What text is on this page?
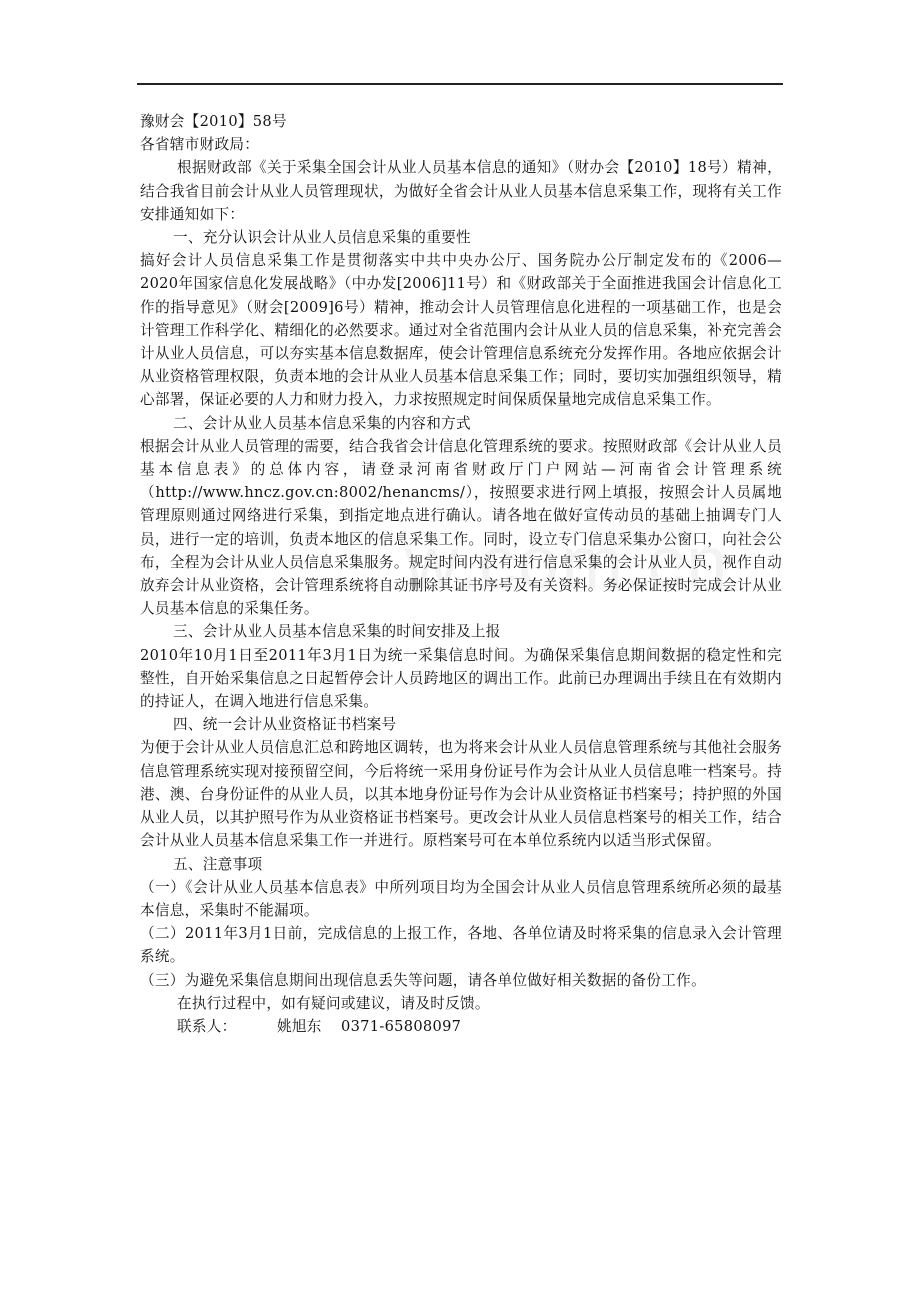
豫财会【2010】58号

各省辖市财政局：

根据财政部《关于采集全国会计从业人员基本信息的通知》（财办会【2010】18号）精神，结合我省目前会计从业人员管理现状，为做好全省会计从业人员基本信息采集工作，现将有关工作安排通知如下：

一、充分认识会计从业人员信息采集的重要性

搞好会计人员信息采集工作是贯彻落实中共中央办公厅、国务院办公厅制定发布的《2006—2020年国家信息化发展战略》（中办发[2006]11号）和《财政部关于全面推进我国会计信息化工作的指导意见》（财会[2009]6号）精神，推动会计人员管理信息化进程的一项基础工作，也是会计管理工作科学化、精细化的必然要求。通过对全省范围内会计从业人员的信息采集，补充完善会计从业人员信息，可以夯实基本信息数据库，使会计管理信息系统充分发挥作用。各地应依据会计从业资格管理权限，负责本地的会计从业人员基本信息采集工作；同时，要切实加强组织领导，精心部署，保证必要的人力和财力投入，力求按照规定时间保质保量地完成信息采集工作。

二、会计从业人员基本信息采集的内容和方式

根据会计从业人员管理的需要，结合我省会计信息化管理系统的要求。按照财政部《会计从业人员基本信息表》的总体内容，请登录河南省财政厅门户网站—河南省会计管理系统（http://www.hncz.gov.cn:8002/henancms/），按照要求进行网上填报，按照会计人员属地管理原则通过网络进行采集，到指定地点进行确认。请各地在做好宣传动员的基础上抽调专门人员，进行一定的培训，负责本地区的信息采集工作。同时，设立专门信息采集办公窗口，向社会公布，全程为会计从业人员信息采集服务。规定时间内没有进行信息采集的会计从业人员，视作自动放弃会计从业资格，会计管理系统将自动删除其证书序号及有关资料。务必保证按时完成会计从业人员基本信息的采集任务。

三、会计从业人员基本信息采集的时间安排及上报

2010年10月1日至2011年3月1日为统一采集信息时间。为确保采集信息期间数据的稳定性和完整性，自开始采集信息之日起暂停会计人员跨地区的调出工作。此前已办理调出手续且在有效期内的持证人，在调入地进行信息采集。

四、统一会计从业资格证书档案号

为便于会计从业人员信息汇总和跨地区调转，也为将来会计从业人员信息管理系统与其他社会服务信息管理系统实现对接预留空间，今后将统一采用身份证号作为会计从业人员信息唯一档案号。持港、澳、台身份证件的从业人员，以其本地身份证号作为会计从业资格证书档案号；持护照的外国从业人员，以其护照号作为从业资格证书档案号。更改会计从业人员信息档案号的相关工作，结合会计从业人员基本信息采集工作一并进行。原档案号可在本单位系统内以适当形式保留。

五、注意事项

（一）《会计从业人员基本信息表》中所列项目均为全国会计从业人员信息管理系统所必须的最基本信息，采集时不能漏项。

（二）2011年3月1日前，完成信息的上报工作，各地、各单位请及时将采集的信息录入会计管理系统。

（三）为避免采集信息期间出现信息丢失等问题，请各单位做好相关数据的备份工作。

在执行过程中，如有疑问或建议，请及时反馈。

联系人：	姚旭东 0371-65808097
